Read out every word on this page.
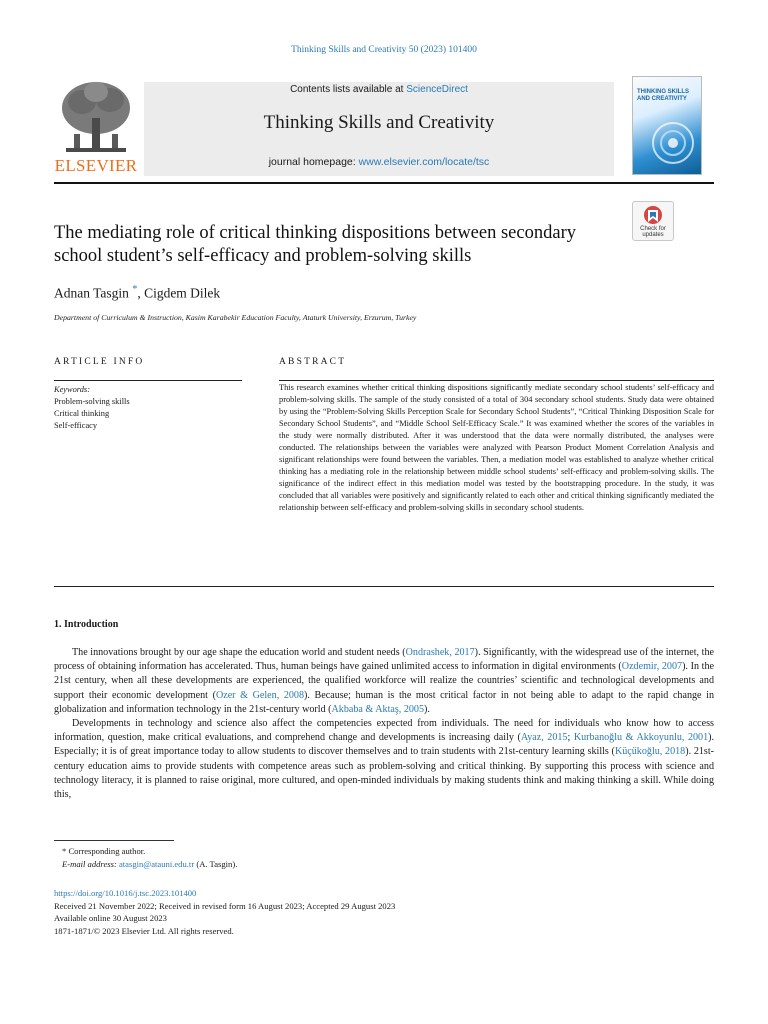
Thinking Skills and Creativity 50 (2023) 101400
ELSEVIER
Contents lists available at ScienceDirect
Thinking Skills and Creativity
journal homepage: www.elsevier.com/locate/tsc
THINKING SKILLS AND CREATIVITY
Check for
updates
The mediating role of critical thinking dispositions between secondary school student’s self-efficacy and problem-solving skills
Adnan Tasgin *, Cigdem Dilek
Department of Curriculum & Instruction, Kasim Karabekir Education Faculty, Ataturk University, Erzurum, Turkey
ARTICLE INFO	ABSTRACT
Keywords:
Problem-solving skills
Critical thinking
Self-efficacy
This research examines whether critical thinking dispositions significantly mediate secondary school students’ self-efficacy and problem-solving skills. The sample of the study consisted of a total of 304 secondary school students. Study data were obtained by using the “Problem-Solving Skills Perception Scale for Secondary School Students”, “Critical Thinking Disposition Scale for Secondary School Students”, and “Middle School Self-Efficacy Scale.” It was examined whether the scores of the variables in the study were normally distributed. After it was understood that the data were normally distributed, the analyses were conducted. The relationships between the variables were analyzed with Pearson Product Moment Correlation Analysis and significant relationships were found between the variables. Then, a mediation model was established to analyze whether critical thinking has a mediating role in the relationship between middle school students’ self-efficacy and problem-solving skills. The significance of the indirect effect in this mediation model was tested by the bootstrapping procedure. In the study, it was concluded that all variables were positively and significantly related to each other and critical thinking significantly mediated the relationship between self-efficacy and problem-solving skills in secondary school students.
1. Introduction

The innovations brought by our age shape the education world and student needs (Ondrashek, 2017). Significantly, with the widespread use of the internet, the process of obtaining information has accelerated. Thus, human beings have gained unlimited access to information in digital environments (Ozdemir, 2007). In the 21st century, when all these developments are experienced, the qualified workforce will realize the countries’ scientific and technological developments and support their economic development (Ozer & Gelen, 2008). Because; human is the most critical factor in not being able to adapt to the rapid change in globalization and information technology in the 21st-century world (Akbaba & Aktaş, 2005).

Developments in technology and science also affect the competencies expected from individuals. The need for individuals who know how to access information, question, make critical evaluations, and comprehend change and developments is increasing daily (Ayaz, 2015; Kurbanoğlu & Akkoyunlu, 2001). Especially; it is of great importance today to allow students to discover themselves and to train students with 21st-century learning skills (Küçükoğlu, 2018). 21st-century education aims to provide students with competence areas such as problem-solving and critical thinking. By supporting this process with science and technology literacy, it is planned to raise original, more cultured, and open-minded individuals by making students think and making thinking a skill. While doing this,

* Corresponding author.
E-mail address: atasgin@atauni.edu.tr (A. Tasgin).
https://doi.org/10.1016/j.tsc.2023.101400
Received 21 November 2022; Received in revised form 16 August 2023; Accepted 29 August 2023
Available online 30 August 2023
1871-1871/© 2023 Elsevier Ltd. All rights reserved.
